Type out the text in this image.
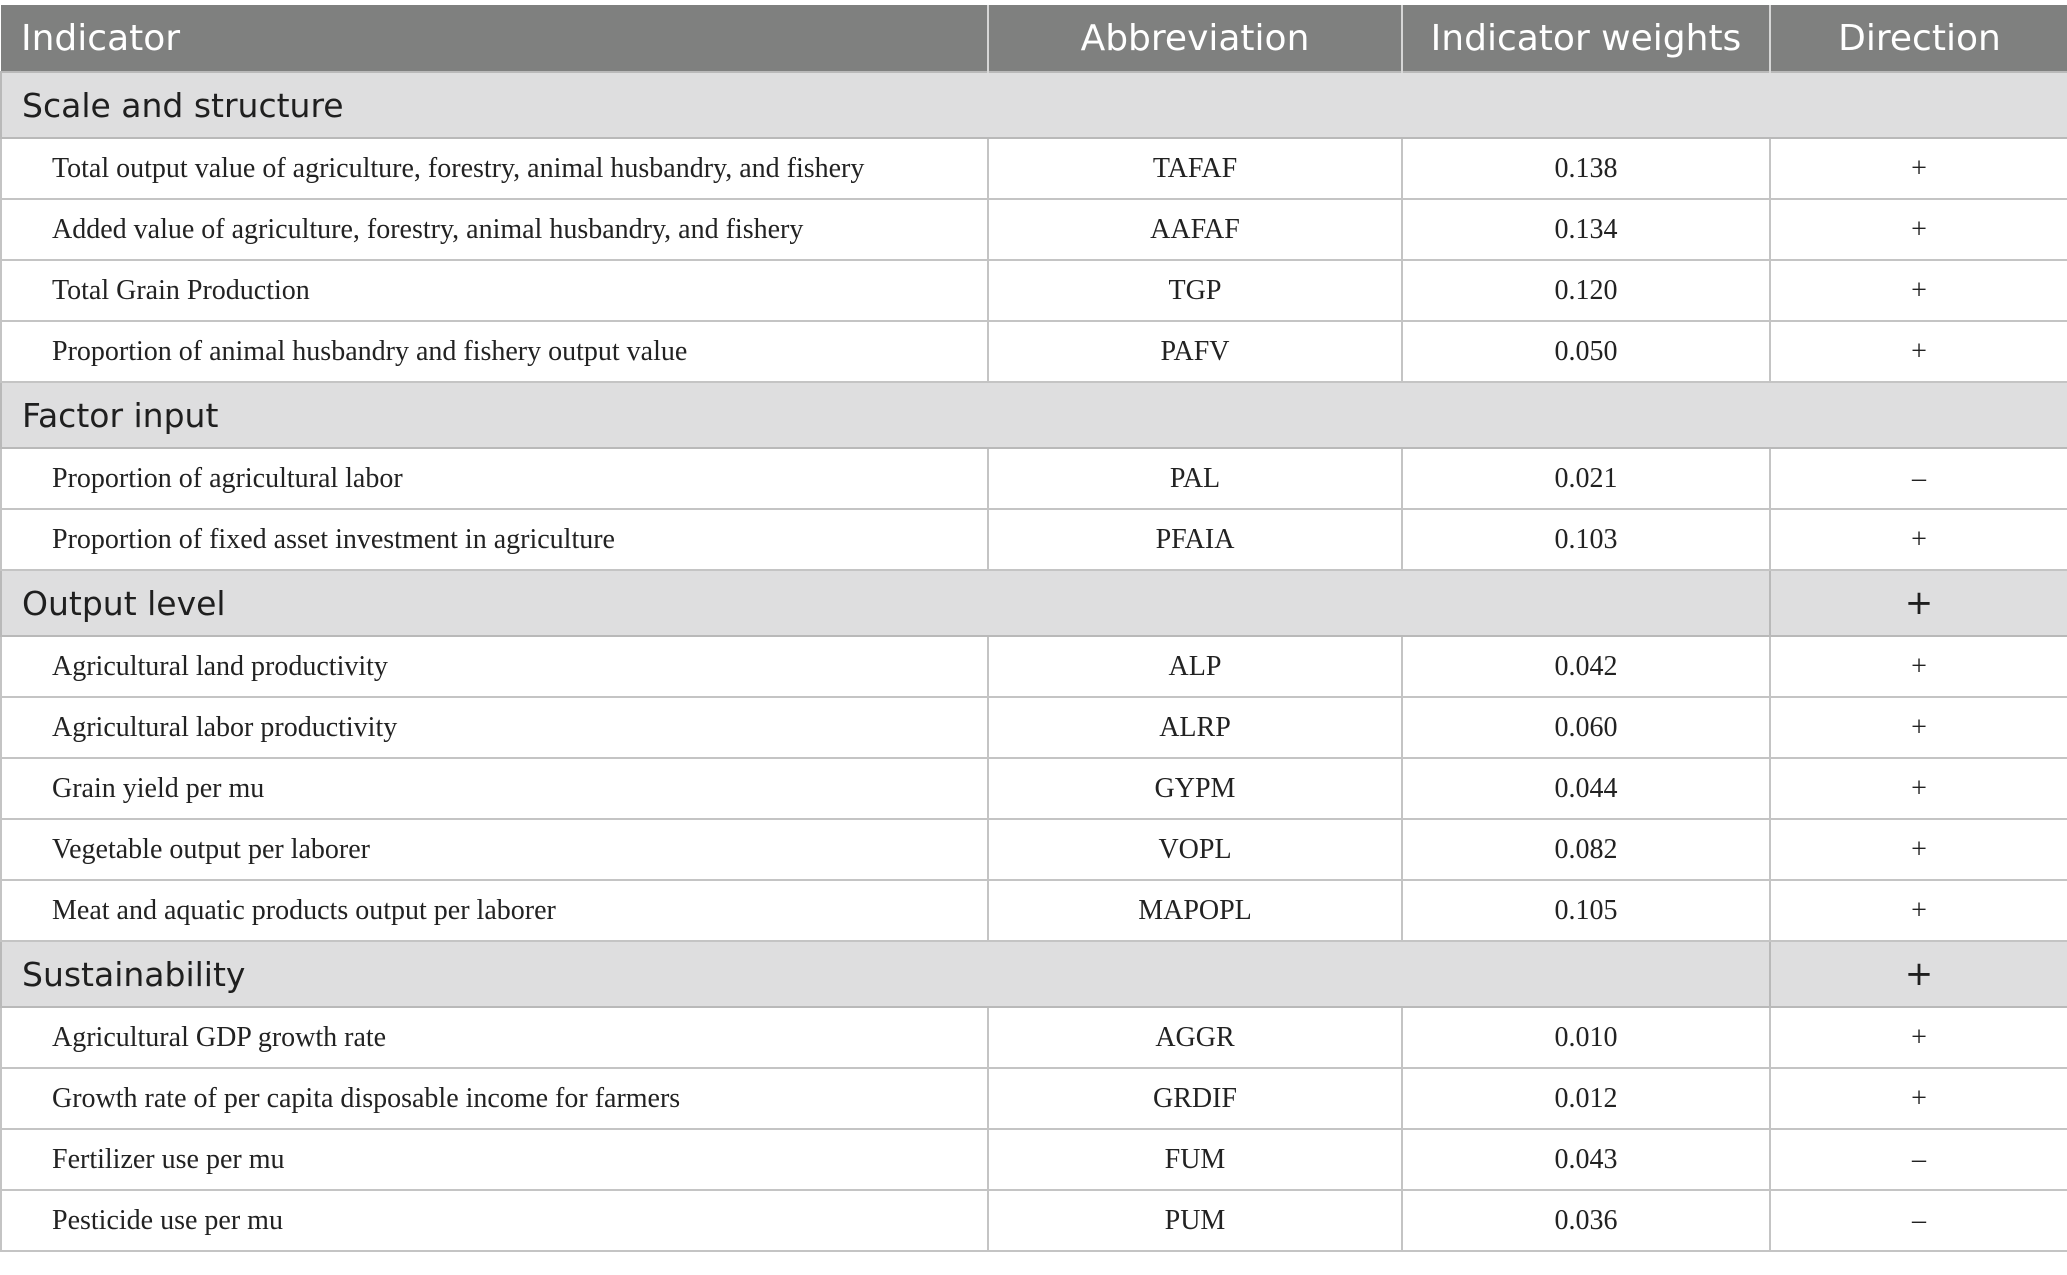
Indicator	Abbreviation	Indicator weights	Direction
Scale and structure			
Total output value of agriculture, forestry, animal husbandry, and fishery	TAFAF	0.138	+
Added value of agriculture, forestry, animal husbandry, and fishery	AAFAF	0.134	+
Total Grain Production	TGP	0.120	+
Proportion of animal husbandry and fishery output value	PAFV	0.050	+
Factor input			
Proportion of agricultural labor	PAL	0.021	–
Proportion of fixed asset investment in agriculture	PFAIA	0.103	+
Output level			+
Agricultural land productivity	ALP	0.042	+
Agricultural labor productivity	ALRP	0.060	+
Grain yield per mu	GYPM	0.044	+
Vegetable output per laborer	VOPL	0.082	+
Meat and aquatic products output per laborer	MAPOPL	0.105	+
Sustainability			+
Agricultural GDP growth rate	AGGR	0.010	+
Growth rate of per capita disposable income for farmers	GRDIF	0.012	+
Fertilizer use per mu	FUM	0.043	–
Pesticide use per mu	PUM	0.036	–
